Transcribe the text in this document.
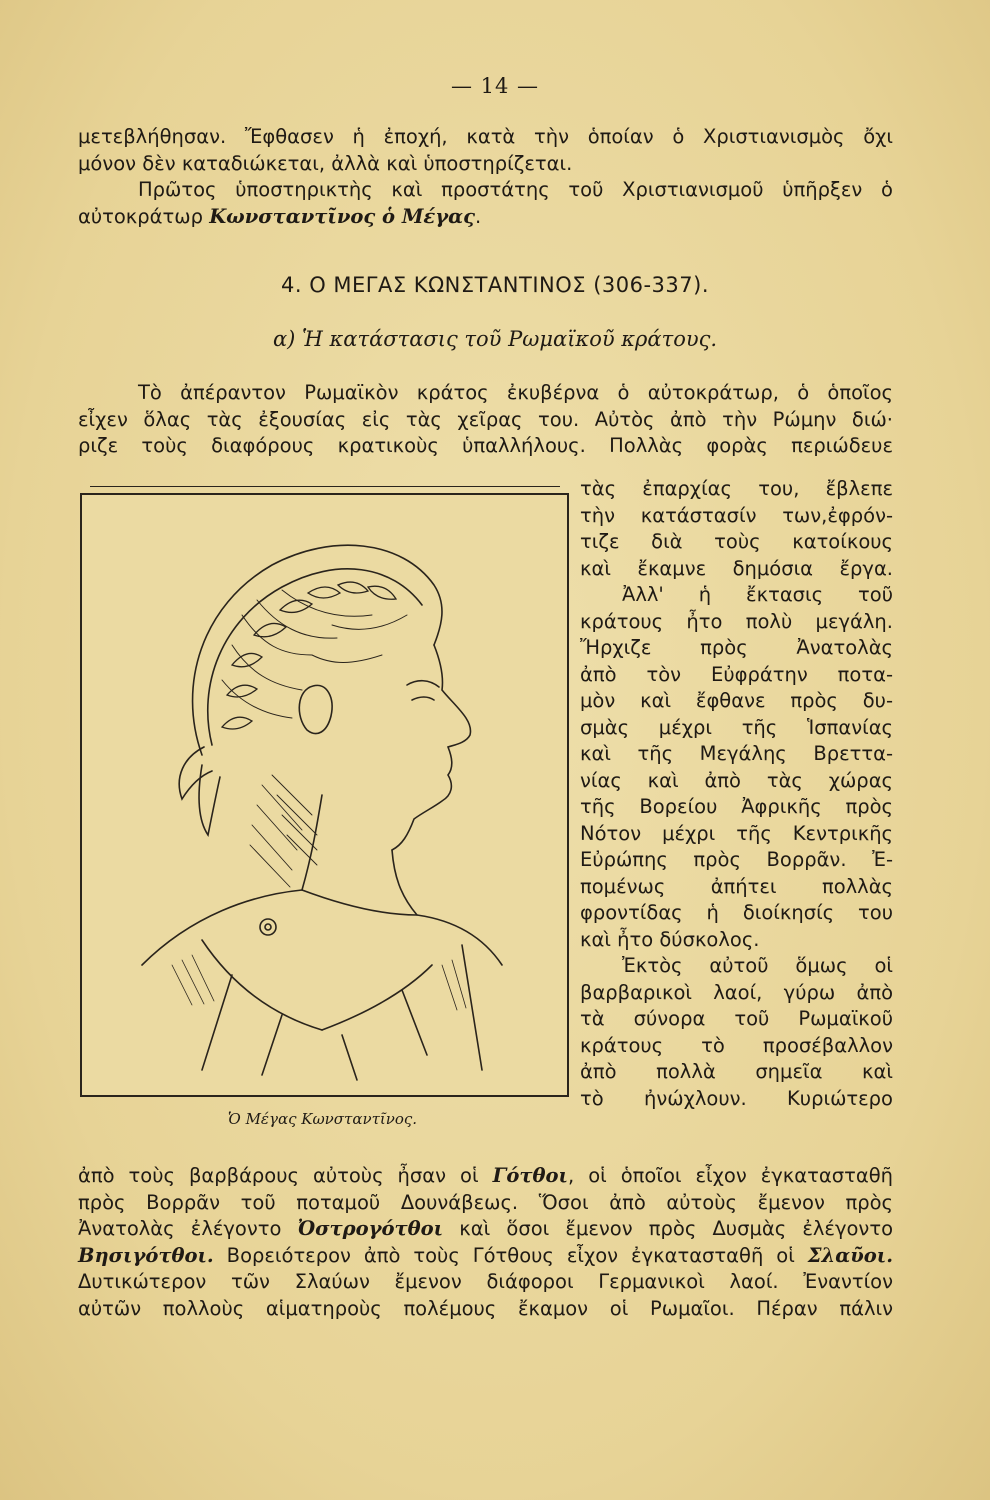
— 14 —
μετεβλήθησαν. Ἔφθασεν ἡ ἐποχή, κατὰ τὴν ὁποίαν ὁ Χριστιανισμὸς ὄχι
μόνον δὲν καταδιώκεται, ἀλλὰ καὶ ὑποστηρίζεται.
Πρῶτος ὑποστηρικτὴς καὶ προστάτης τοῦ Χριστιανισμοῦ ὑπῆρξεν ὁ
αὐτοκράτωρ Κωνσταντῖνος ὁ Μέγας.
4. Ο ΜΕΓΑΣ ΚΩΝΣΤΑΝΤΙΝΟΣ (306-337).
α) Ἡ κατάστασις τοῦ Ρωμαϊκοῦ κράτους.
Τὸ ἀπέραντον Ρωμαϊκὸν κράτος ἐκυβέρνα ὁ αὐτοκράτωρ, ὁ ὁποῖος
εἶχεν ὅλας τὰς ἐξουσίας εἰς τὰς χεῖρας του. Αὐτὸς ἀπὸ τὴν Ρώμην διώ·
ριζε τοὺς διαφόρους κρατικοὺς ὑπαλλήλους. Πολλὰς φορὰς περιώδευε
Ὁ Μέγας Κωνσταντῖνος.
τὰς ἐπαρχίας του, ἔβλεπε
τὴν κατάστασίν των,ἐφρόν-
τιζε διὰ τοὺς κατοίκους
καὶ ἔκαμνε δημόσια ἔργα.
Ἀλλ' ἡ ἔκτασις τοῦ
κράτους ἦτο πολὺ μεγάλη.
Ἤρχιζε πρὸς Ἀνατολὰς
ἀπὸ τὸν Εὐφράτην ποτα-
μὸν καὶ ἔφθανε πρὸς δυ-
σμὰς μέχρι τῆς Ἱσπανίας
καὶ τῆς Μεγάλης Βρεττα-
νίας καὶ ἀπὸ τὰς χώρας
τῆς Βορείου Ἀφρικῆς πρὸς
Νότον μέχρι τῆς Κεντρικῆς
Εὐρώπης πρὸς Βορρᾶν. Ἐ-
πομένως ἀπήτει πολλὰς
φροντίδας ἡ διοίκησίς του
καὶ ἦτο δύσκολος.
Ἐκτὸς αὐτοῦ ὅμως οἱ
βαρβαρικοὶ λαοί, γύρω ἀπὸ
τὰ σύνορα τοῦ Ρωμαϊκοῦ
κράτους τὸ προσέβαλλον
ἀπὸ πολλὰ σημεῖα καὶ
τὸ ἠνώχλουν. Κυριώτερο
ἀπὸ τοὺς βαρβάρους αὐτοὺς ἦσαν οἱ Γότθοι, οἱ ὁποῖοι εἶχον ἐγκατασταθῆ
πρὸς Βορρᾶν τοῦ ποταμοῦ Δουνάβεως. Ὅσοι ἀπὸ αὐτοὺς ἔμενον πρὸς
Ἀνατολὰς ἐλέγοντο Ὀστρογότθοι καὶ ὅσοι ἔμενον πρὸς Δυσμὰς ἐλέγοντο
Βησιγότθοι. Βορειότερον ἀπὸ τοὺς Γότθους εἶχον ἐγκατασταθῆ οἱ Σλαῦοι.
Δυτικώτερον τῶν Σλαύων ἔμενον διάφοροι Γερμανικοὶ λαοί. Ἐναντίον
αὐτῶν πολλοὺς αἱματηροὺς πολέμους ἔκαμον οἱ Ρωμαῖοι. Πέραν πάλιν
